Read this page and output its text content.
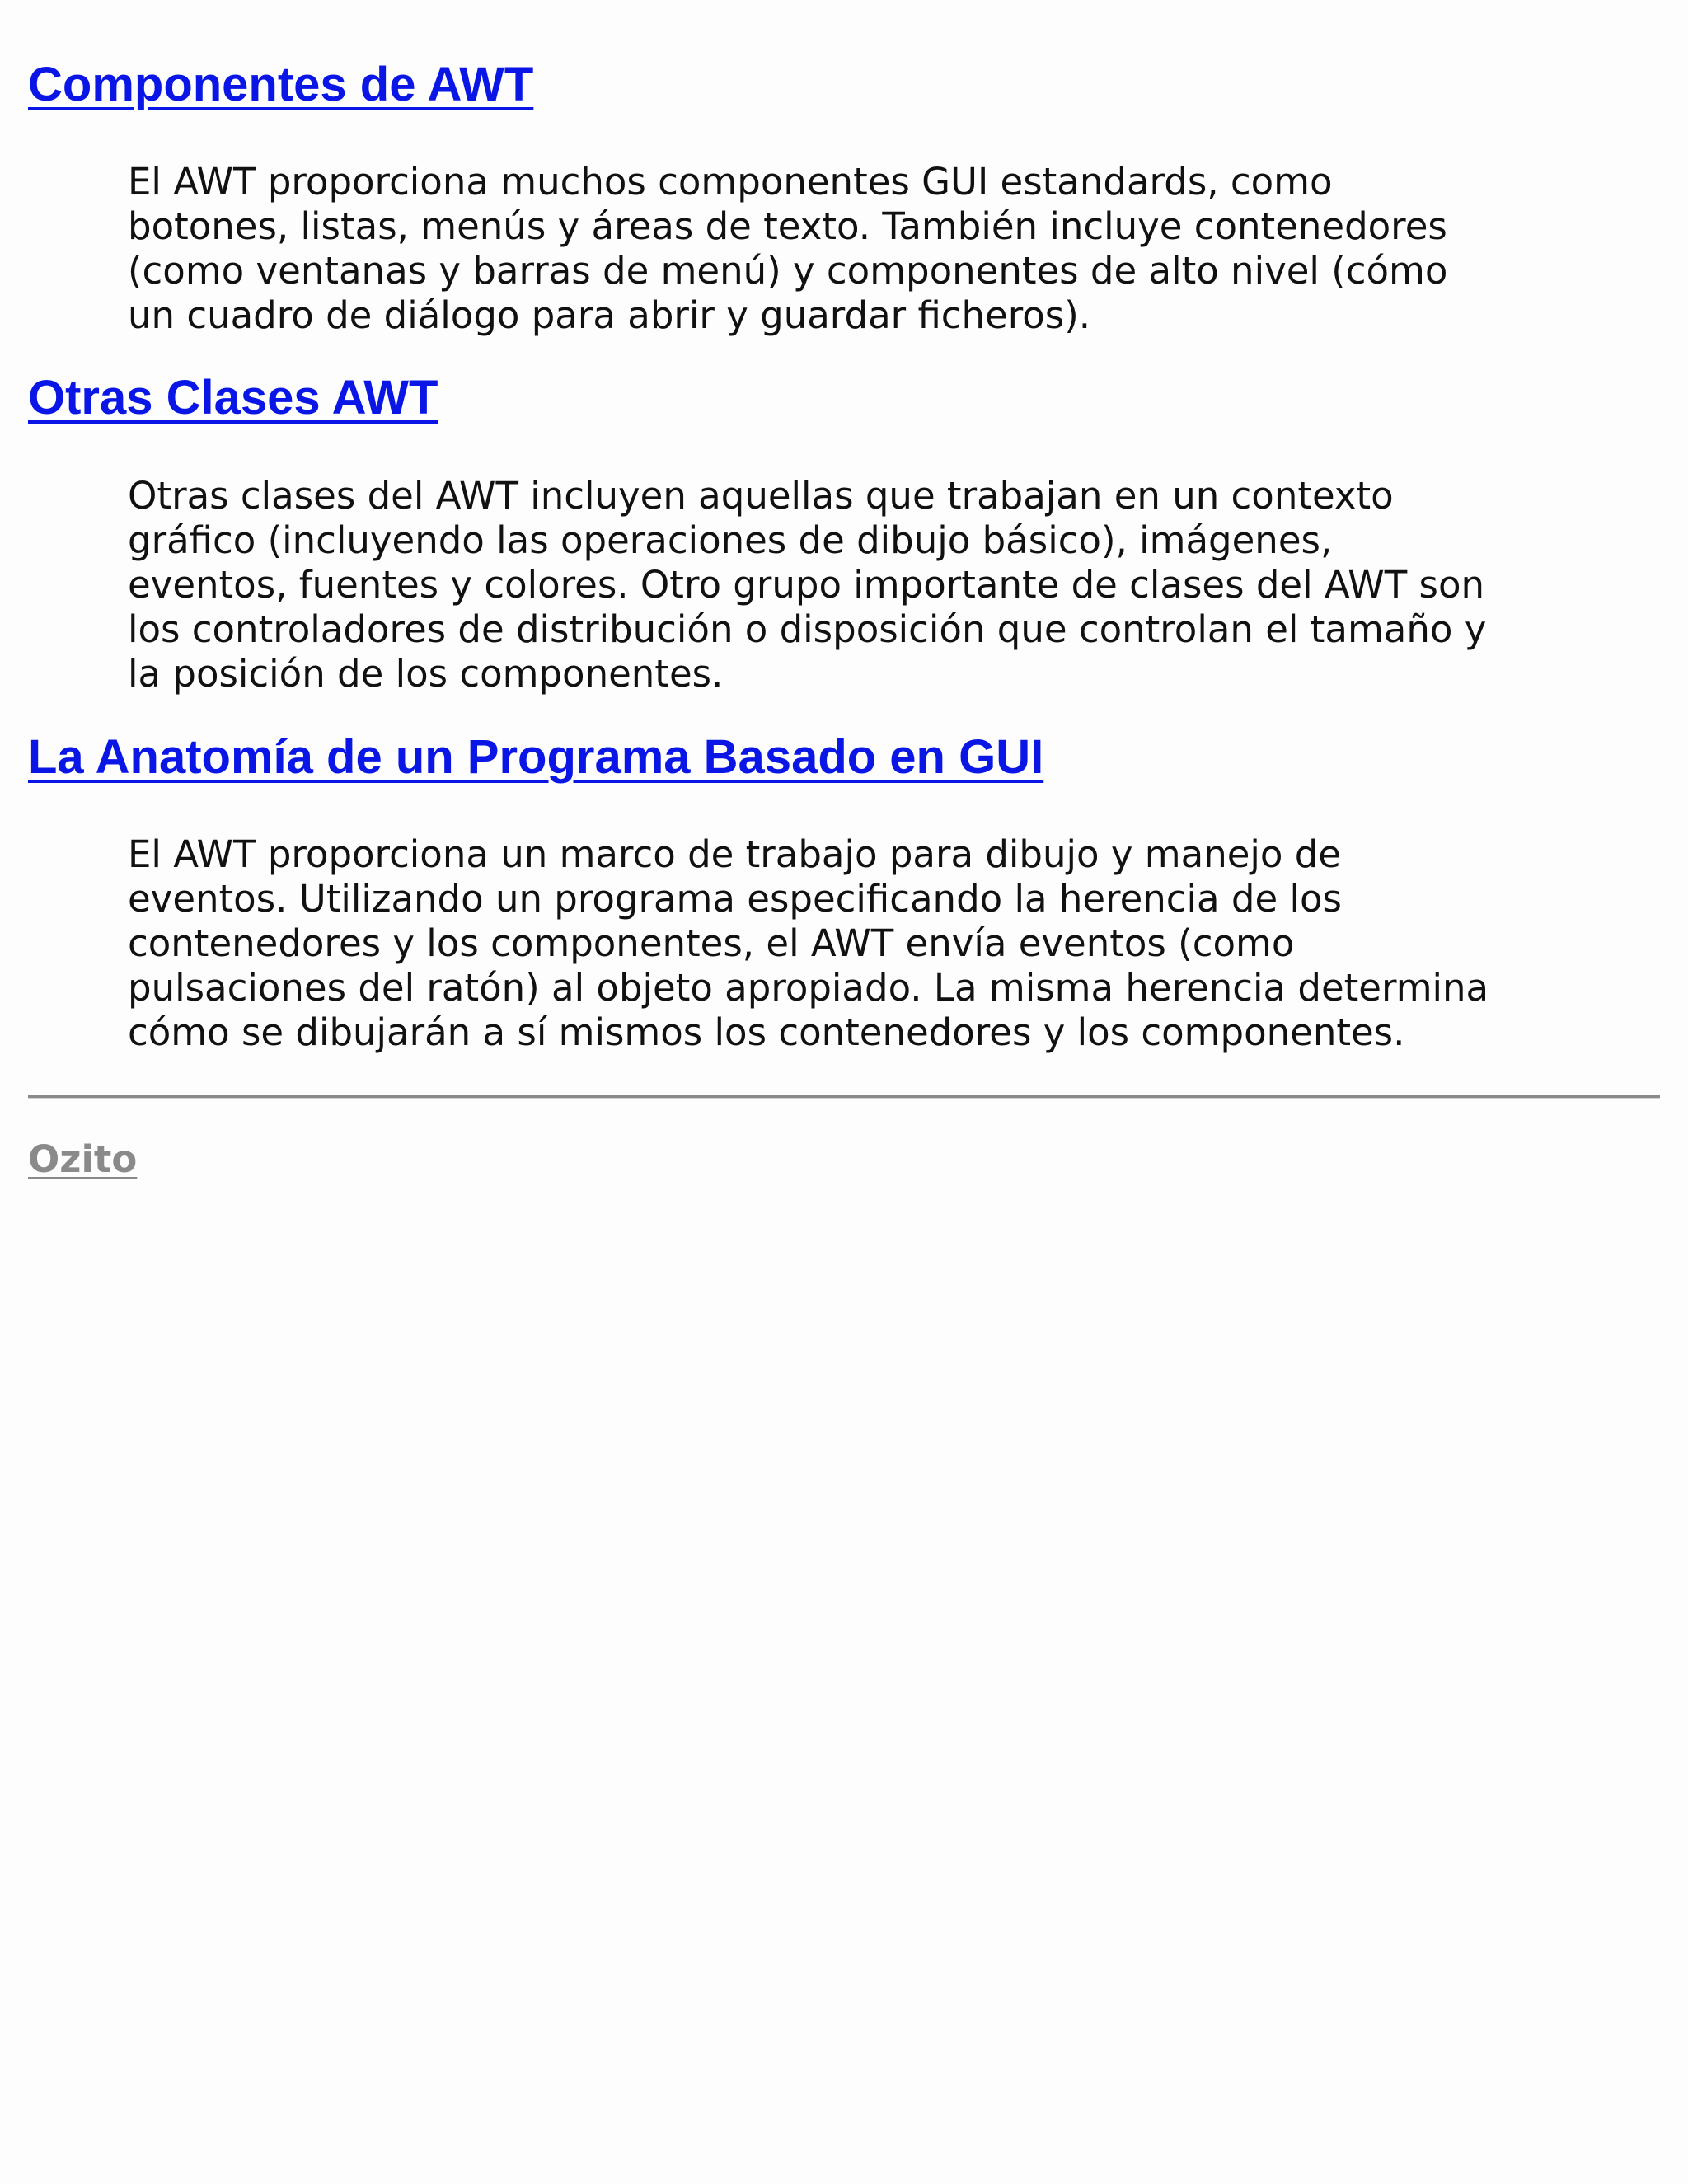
Componentes de AWT

El AWT proporciona muchos componentes GUI estandards, como
botones, listas, menús y áreas de texto. También incluye contenedores
(como ventanas y barras de menú) y componentes de alto nivel (cómo
un cuadro de diálogo para abrir y guardar ficheros).

Otras Clases AWT

Otras clases del AWT incluyen aquellas que trabajan en un contexto
gráfico (incluyendo las operaciones de dibujo básico), imágenes,
eventos, fuentes y colores. Otro grupo importante de clases del AWT son
los controladores de distribución o disposición que controlan el tamaño y
la posición de los componentes.

La Anatomía de un Programa Basado en GUI

El AWT proporciona un marco de trabajo para dibujo y manejo de
eventos. Utilizando un programa especificando la herencia de los
contenedores y los componentes, el AWT envía eventos (como
pulsaciones del ratón) al objeto apropiado. La misma herencia determina
cómo se dibujarán a sí mismos los contenedores y los componentes.

Ozito
